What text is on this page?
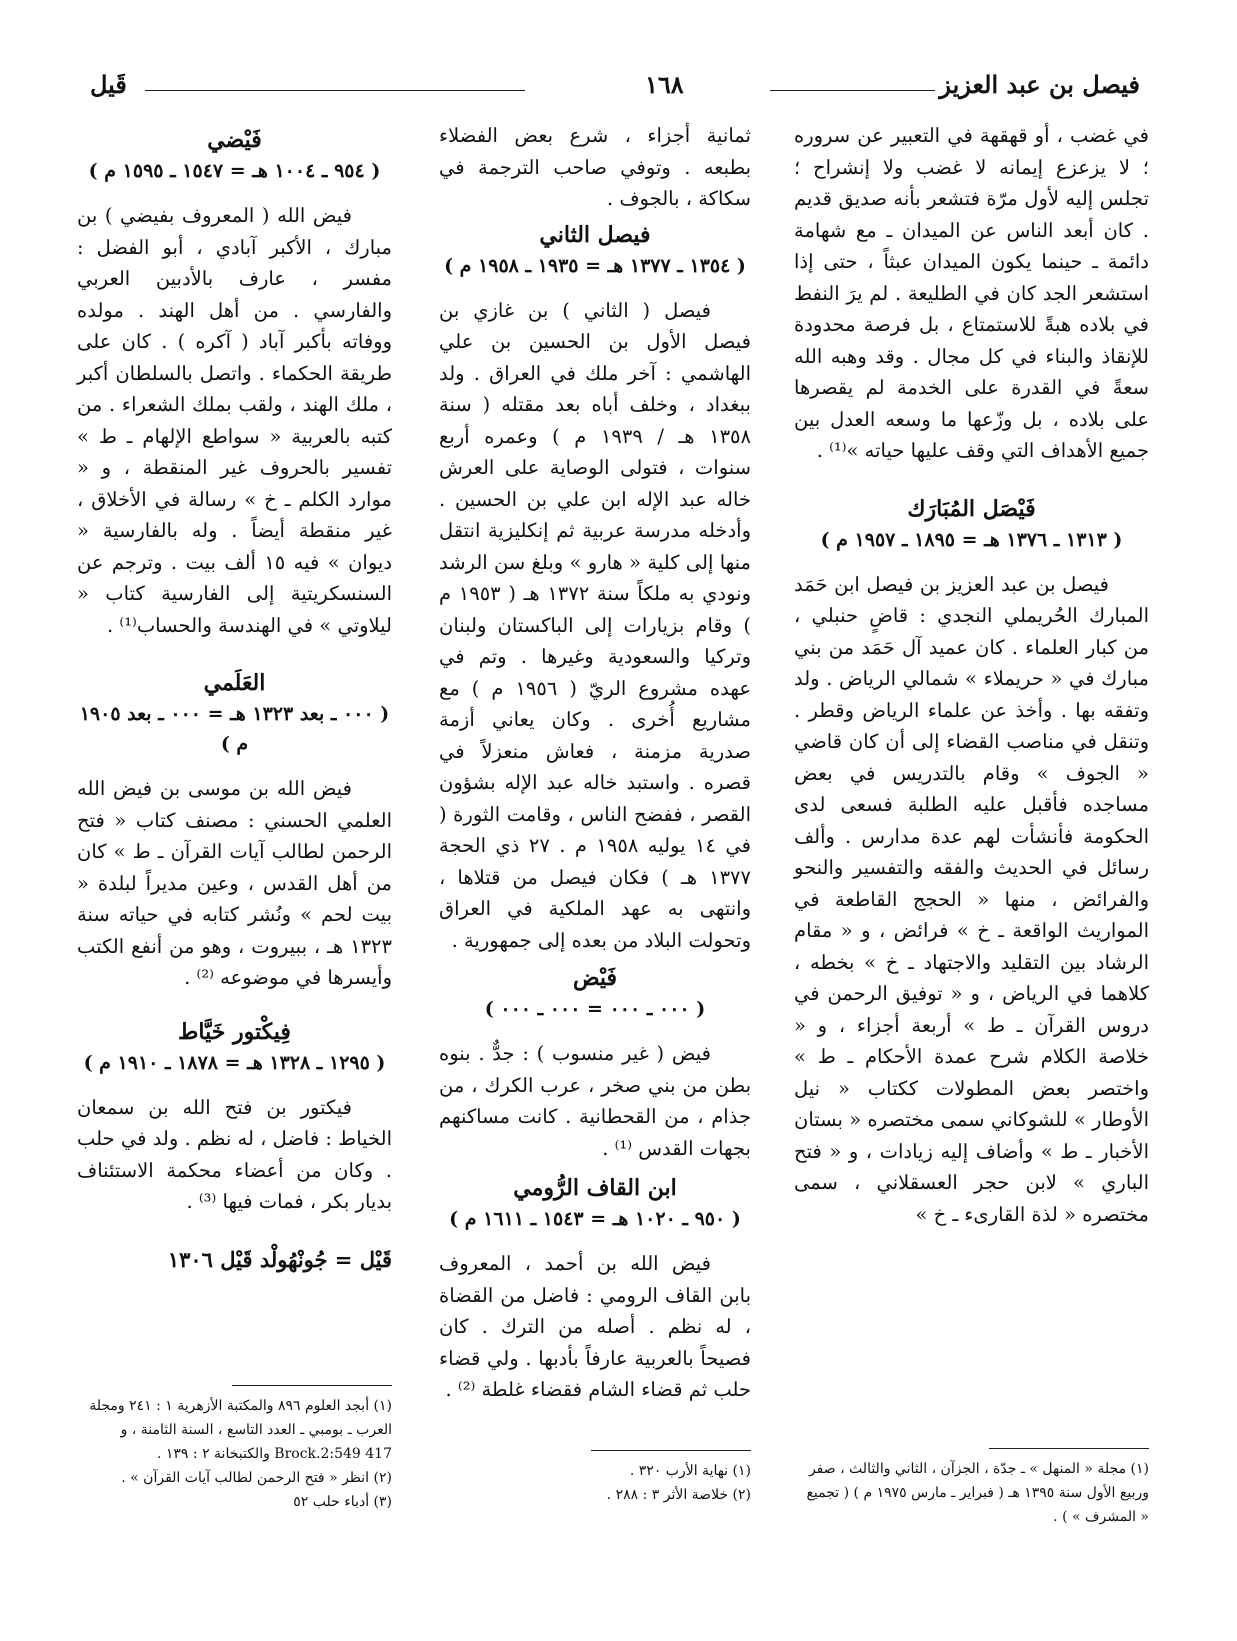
فيصل بن عبد العزيز
١٦٨
قَيل

في غضب ، أو قهقهة في التعبير عن سروره ؛ لا يزعزع إيمانه لا غضب ولا إنشراح ؛ تجلس إليه لأول مرّة فتشعر بأنه صديق قديم . كان أبعد الناس عن الميدان ـ مع شهامة دائمة ـ حينما يكون الميدان عبثاً ، حتى إذا استشعر الجد كان في الطليعة . لم يرَ النفط في بلاده هبةً للاستمتاع ، بل فرصة محدودة للإنقاذ والبناء في كل مجال . وقد وهبه الله سعةً في القدرة على الخدمة لم يقصرها على بلاده ، بل وزّعها ما وسعه العدل بين جميع الأهداف التي وقف عليها حياته »⁽¹⁾ .

فَيْصَل المُبَارَك
( ١٣١٣ ـ ١٣٧٦ هـ = ١٨٩٥ ـ ١٩٥٧ م )

فيصل بن عبد العزيز بن فيصل ابن حَمَد المبارك الحُريملي النجدي : قاضٍ حنبلي ، من كبار العلماء . كان عميد آل حَمَد من بني مبارك في « حريملاء » شمالي الرياض . ولد وتفقه بها . وأخذ عن علماء الرياض وقطر . وتنقل في مناصب القضاء إلى أن كان قاضي « الجوف » وقام بالتدريس في بعض مساجده فأقبل عليه الطلبة فسعى لدى الحكومة فأنشأت لهم عدة مدارس . وألف رسائل في الحديث والفقه والتفسير والنحو والفرائض ، منها « الحجج القاطعة في المواريث الواقعة ـ خ » فرائض ، و « مقام الرشاد بين التقليد والاجتهاد ـ خ » بخطه ، كلاهما في الرياض ، و « توفيق الرحمن في دروس القرآن ـ ط » أربعة أجزاء ، و « خلاصة الكلام شرح عمدة الأحكام ـ ط » واختصر بعض المطولات ككتاب « نيل الأوطار » للشوكاني سمى مختصره « بستان الأخبار ـ ط » وأضاف إليه زيادات ، و « فتح الباري » لابن حجر العسقلاني ، سمى مختصره « لذة القارىء ـ خ »

(١) مجلة « المنهل » ـ جدّة ، الجزآن ، الثاني والثالث ، صفر وربيع الأول سنة ١٣٩٥ هـ ( فبراير ـ مارس ١٩٧٥ م ) ( تجميع « المشرف » ) .

ثمانية أجزاء ، شرع بعض الفضلاء بطبعه . وتوفي صاحب الترجمة في سكاكة ، بالجوف .

فيصل الثاني
( ١٣٥٤ ـ ١٣٧٧ هـ = ١٩٣٥ ـ ١٩٥٨ م )

فيصل ( الثاني ) بن غازي بن فيصل الأول بن الحسين بن علي الهاشمي : آخر ملك في العراق . ولد ببغداد ، وخلف أباه بعد مقتله ( سنة ١٣٥٨ هـ / ١٩٣٩ م ) وعمره أربع سنوات ، فتولى الوصاية على العرش خاله عبد الإله ابن علي بن الحسين . وأدخله مدرسة عربية ثم إنكليزية انتقل منها إلى كلية « هارو » وبلغ سن الرشد ونودي به ملكاً سنة ١٣٧٢ هـ ( ١٩٥٣ م ) وقام بزيارات إلى الباكستان ولبنان وتركيا والسعودية وغيرها . وتم في عهده مشروع الريّ ( ١٩٥٦ م ) مع مشاريع أُخرى . وكان يعاني أزمة صدرية مزمنة ، فعاش منعزلاً في قصره . واستبد خاله عبد الإله بشؤون القصر ، ففضح الناس ، وقامت الثورة ( في ١٤ يوليه ١٩٥٨ م . ٢٧ ذي الحجة ١٣٧٧ هـ ) فكان فيصل من قتلاها ، وانتهى به عهد الملكية في العراق وتحولت البلاد من بعده إلى جمهورية .

فَيْض
( ٠٠٠ ـ ٠٠٠ = ٠٠٠ ـ ٠٠٠ )

فيض ( غير منسوب ) : جدٌّ . بنوه بطن من بني صخر ، عرب الكرك ، من جذام ، من القحطانية . كانت مساكنهم بجهات القدس ⁽¹⁾ .

ابن القاف الرُّومي
( ٩٥٠ ـ ١٠٢٠ هـ = ١٥٤٣ ـ ١٦١١ م )

فيض الله بن أحمد ، المعروف بابن القاف الرومي : فاضل من القضاة ، له نظم . أصله من الترك . كان فصيحاً بالعربية عارفاً بأدبها . ولي قضاء حلب ثم قضاء الشام فقضاء غلطة ⁽²⁾ .

(١) نهاية الأرب ٣٢٠ .

(٢) خلاصة الأثر ٣ : ٢٨٨ .

فَيْضي
( ٩٥٤ ـ ١٠٠٤ هـ = ١٥٤٧ ـ ١٥٩٥ م )

فيض الله ( المعروف بفيضي ) بن مبارك ، الأكبر آبادي ، أبو الفضل : مفسر ، عارف بالأدبين العربي والفارسي . من أهل الهند . مولده ووفاته بأكبر آباد ( آكره ) . كان على طريقة الحكماء . واتصل بالسلطان أكبر ، ملك الهند ، ولقب بملك الشعراء . من كتبه بالعربية « سواطع الإلهام ـ ط » تفسير بالحروف غير المنقطة ، و « موارد الكلم ـ خ » رسالة في الأخلاق ، غير منقطة أيضاً . وله بالفارسية « ديوان » فيه ١٥ ألف بيت . وترجم عن السنسكريتية إلى الفارسية كتاب « ليلاوتي » في الهندسة والحساب⁽¹⁾ .

العَلَمي
( ٠٠٠ ـ بعد ١٣٢٣ هـ = ٠٠٠ ـ بعد ١٩٠٥ م )

فيض الله بن موسى بن فيض الله العلمي الحسني : مصنف كتاب « فتح الرحمن لطالب آيات القرآن ـ ط » كان من أهل القدس ، وعين مديراً لبلدة « بيت لحم » ونُشر كتابه في حياته سنة ١٣٢٣ هـ ، ببيروت ، وهو من أنفع الكتب وأيسرها في موضوعه ⁽²⁾ .

فِيكْتور خَيَّاط
( ١٢٩٥ ـ ١٣٢٨ هـ = ١٨٧٨ ـ ١٩١٠ م )

فيكتور بن فتح الله بن سمعان الخياط : فاضل ، له نظم . ولد في حلب . وكان من أعضاء محكمة الاستئناف بديار بكر ، فمات فيها ⁽³⁾ .

قَيْل = جُونْهُولْد قَيْل ١٣٠٦

(١) أبجد العلوم ٨٩٦ والمكتبة الأزهرية ١ : ٢٤١ ومجلة العرب ـ بومبي ـ العدد التاسع ، السنة الثامنة ، و Brock.2:549 417 والكتبخانة ٢ : ١٣٩ .

(٢) انظر « فتح الرحمن لطالب آيات القرآن » .

(٣) أدباء حلب ٥٢
